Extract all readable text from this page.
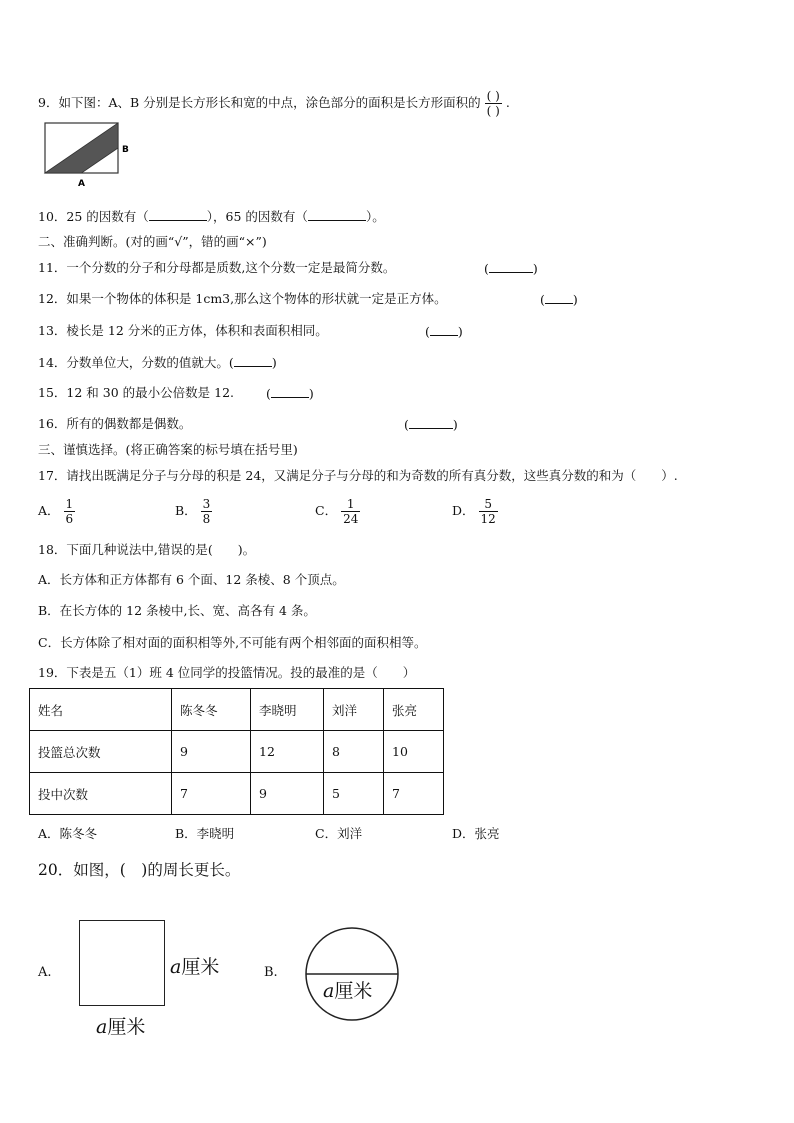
9．如下图：A、B 分别是长方形长和宽的中点，涂色部分的面积是长方形面积的 $\frac{( )}{( )}$ .
A
B
10．25 的因数有（	），65 的因数有（	）。
二、准确判断。(对的画“√”，错的画“×”)
11．一个分数的分子和分母都是质数,这个分数一定是最简分数。	(	)
12．如果一个物体的体积是 1cm3,那么这个物体的形状就一定是正方体。	( )
13．棱长是 12 分米的正方体，体积和表面积相同。	( )
14．分数单位大，分数的值就大。(	)
15．12 和 30 的最小公倍数是 12.	(	)
16．所有的偶数都是偶数。	(	)
三、谨慎选择。(将正确答案的标号填在括号里)
17．请找出既满足分子与分母的积是 24，又满足分子与分母的和为奇数的所有真分数，这些真分数的和为（　　）.
A． $\frac{1}{6}$	B． $\frac{3}{8}$	C． $\frac{1}{24}$	D． $\frac{5}{12}$
18．下面几种说法中,错误的是(　　)。
A．长方体和正方体都有 6 个面、12 条棱、8 个顶点。
B．在长方体的 12 条棱中,长、宽、高各有 4 条。
C．长方体除了相对面的面积相等外,不可能有两个相邻面的面积相等。
19．下表是五（1）班 4 位同学的投篮情况。投的最准的是（　　）
姓名	陈冬冬	李晓明	刘洋	张亮
投篮总次数	9	12	8	10
投中次数	7	9	5	7
A．陈冬冬	B．李晓明	C．刘洋	D．张亮
20．如图，(　)的周长更长。
A.	a厘米
a厘米
B.
a厘米
